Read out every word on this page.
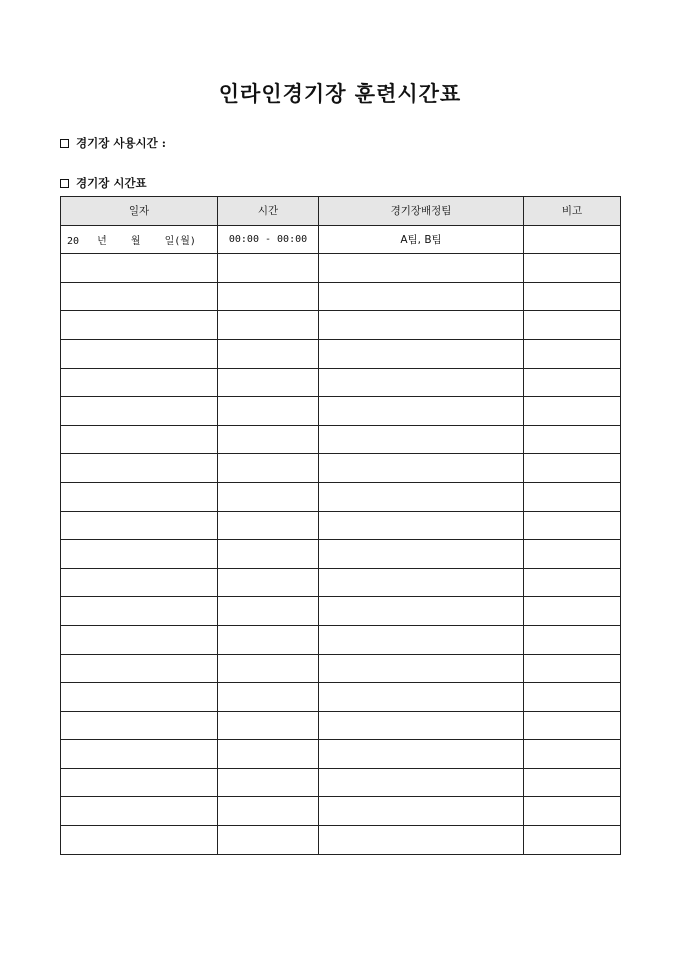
인라인경기장 훈련시간표
경기장 사용시간 :
경기장 시간표
일자	시간	경기장배정팀	비고
20   년    월    일(월)	00:00 - 00:00	A팀, B팀	
